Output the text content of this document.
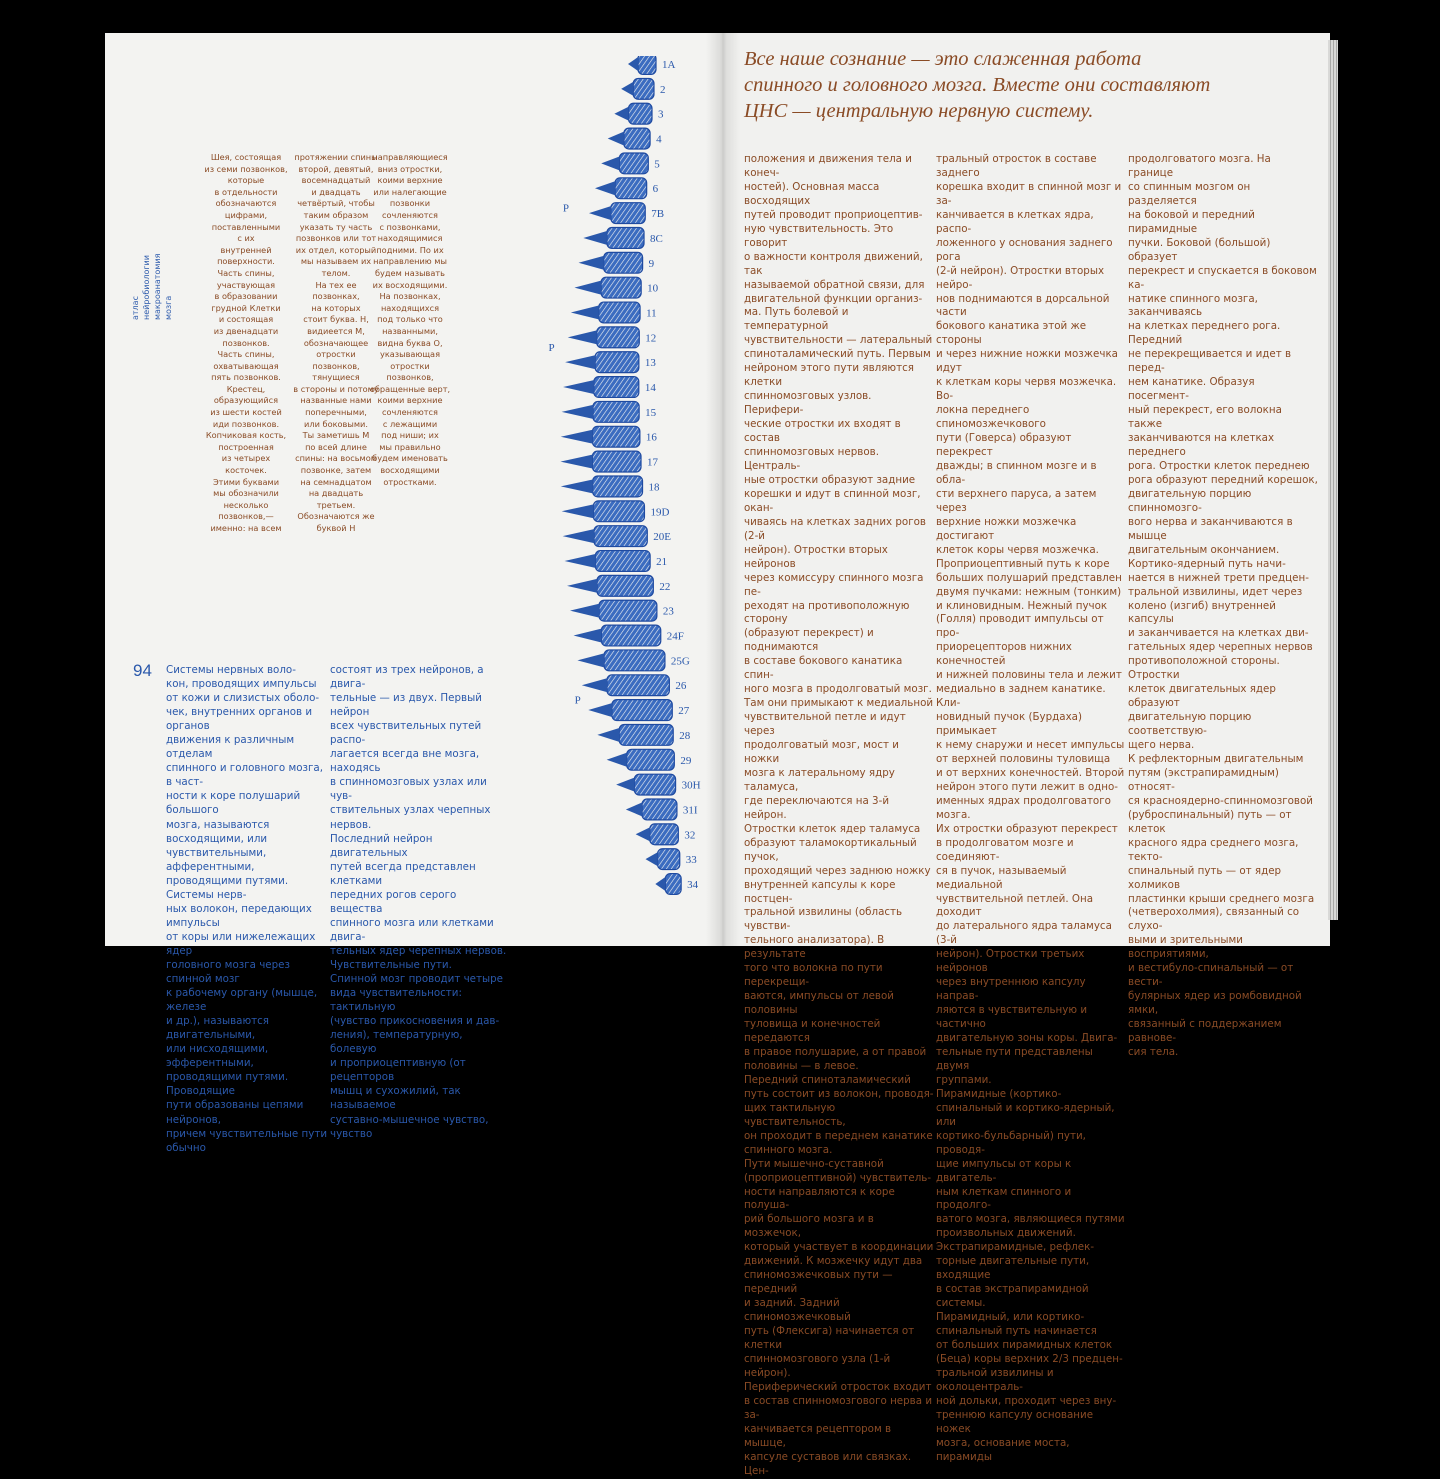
атлас нейробиологии
макроанатомия мозга
Шея, состоящая
из семи позвонков,
которые
в отдельности
обозначаются
цифрами,
поставленными
с их
внутренней
поверхности.
Часть спины,
участвующая
в образовании
грудной Клетки
и состоящая
из двенадцати
позвонков.
Часть спины,
охватывающая
пять позвонков.
Крестец,
образующийся
из шести костей
иди позвонков.
Копчиковая кость,
построенная
из четырех
косточек.
Этими буквами
мы обозначили
несколько
позвонков,—
именно: на всем
протяжении спины
второй, девятый,
восемнадцатый
и двадцать
четвёртый, чтобы
таким образом
указать ту часть
позвонков или тот
их отдел, который
мы называем их
телом.
На тех ее
позвонках,
на которых
стоит буква. Н,
видиеется М,
обозначающее
отростки
позвонков,
тянущиеся
в стороны и потому
названные нами
поперечными,
или боковыми.
Ты заметишь М
по всей длине
спины: на восьмом
позвонке, затем
на семнадцатом
на двадцать
третьем.
Обозначаются же
буквой Н
направляющиеся
вниз отростки,
коими верхние
или налегающие
позвонки
сочленяются
с позвонками,
находящимися
подними. По их
направлению мы
будем называть
их восходящими.
На позвонках,
находящихся
под только что
названными,
видна буква О,
указывающая
отростки
позвонков,
обращенные верт,
коими верхние
сочленяются
с лежащими
под ниши; их
мы правильно
будем именовать
восходящими
отростками.
94 Системы нервных воло-
кон, проводящих импульсы
от кожи и слизистых оболо-
чек, внутренних органов и органов
движения к различным отделам
спинного и головного мозга, в част-
ности к коре полушарий большого
мозга, называются восходящими, или
чувствительными, афферентными,
проводящими путями. Системы нерв-
ных волокон, передающих импульсы
от коры или нижележащих ядер
головного мозга через спинной мозг
к рабочему органу (мышце, железе
и др.), называются двигательными,
или нисходящими, эфферентными,
проводящими путями. Проводящие
пути образованы цепями нейронов,
причем чувствительные пути обычно
состоят из трех нейронов, а двига-
тельные — из двух. Первый нейрон
всех чувствительных путей распо-
лагается всегда вне мозга, находясь
в спинномозговых узлах или чув-
ствительных узлах черепных нервов.
Последний нейрон двигательных
путей всегда представлен клетками
передних рогов серого вещества
спинного мозга или клетками двига-
тельных ядер черепных нервов.
Чувствительные пути.
Спинной мозг проводит четыре
вида чувствительности: тактильную
(чувство прикосновения и дав-
ления), температурную, болевую
и проприоцептивную (от рецепторов
мышц и сухожилий, так называемое
суставно-мышечное чувство, чувство
1A
2
3
4
5
6
7B
8C
9
10
11
12
13
14
15
16
17
18
19D
20E
21
22
23
24F
25G
26
27
28
29
30H
31I
32
33
34
P
P
P
Все наше сознание — это слаженная работа
спинного и головного мозга. Вместе они составляют
ЦНС — центральную нервную систему.
положения и движения тела и конеч-
ностей). Основная масса восходящих
путей проводит проприоцептив-
ную чувствительность. Это говорит
о важности контроля движений, так
называемой обратной связи, для
двигательной функции организ-
ма. Путь болевой и температурной
чувствительности — латеральный
спиноталамический путь. Первым
нейроном этого пути являются клетки
спинномозговых узлов. Перифери-
ческие отростки их входят в состав
спинномозговых нервов. Централь-
ные отростки образуют задние
корешки и идут в спинной мозг, окан-
чиваясь на клетках задних рогов (2-й
нейрон). Отростки вторых нейронов
через комиссуру спинного мозга пе-
реходят на противоположную сторону
(образуют перекрест) и поднимаются
в составе бокового канатика спин-
ного мозга в продолговатый мозг.
Там они примыкают к медиальной
чувствительной петле и идут через
продолговатый мозг, мост и ножки
мозга к латеральному ядру таламуса,
где переключаются на 3-й нейрон.
Отростки клеток ядер таламуса
образуют таламокортикальный пучок,
проходящий через заднюю ножку
внутренней капсулы к коре постцен-
тральной извилины (область чувстви-
тельного анализатора). В результате
того что волокна по пути перекрещи-
ваются, импульсы от левой половины
туловища и конечностей передаются
в правое полушарие, а от правой
половины — в левое.
Передний спиноталамический
путь состоит из волокон, проводя-
щих тактильную чувствительность,
он проходит в переднем канатике
спинного мозга.
Пути мышечно-суставной
(проприоцептивной) чувствитель-
ности направляются к коре полуша-
рий большого мозга и в мозжечок,
который участвует в координации
движений. К мозжечку идут два
спиномозжечковых пути — передний
и задний. Задний спиномозжечковый
путь (Флексига) начинается от клетки
спинномозгового узла (1-й нейрон).
Периферический отросток входит
в состав спинномозгового нерва и за-
канчивается рецептором в мышце,
капсуле суставов или связках. Цен-
тральный отросток в составе заднего
корешка входит в спинной мозг и за-
канчивается в клетках ядра, распо-
ложенного у основания заднего рога
(2-й нейрон). Отростки вторых нейро-
нов поднимаются в дорсальной части
бокового канатика этой же стороны
и через нижние ножки мозжечка идут
к клеткам коры червя мозжечка. Во-
локна переднего спиномозжечкового
пути (Говерса) образуют перекрест
дважды; в спинном мозге и в обла-
сти верхнего паруса, а затем через
верхние ножки мозжечка достигают
клеток коры червя мозжечка.
Проприоцептивный путь к коре
больших полушарий представлен
двумя пучками: нежным (тонким)
и клиновидным. Нежный пучок
(Голля) проводит импульсы от про-
приорецепторов нижних конечностей
и нижней половины тела и лежит
медиально в заднем канатике. Кли-
новидный пучок (Бурдаха) примыкает
к нему снаружи и несет импульсы
от верхней половины туловища
и от верхних конечностей. Второй
нейрон этого пути лежит в одно-
именных ядрах продолговатого мозга.
Их отростки образуют перекрест
в продолговатом мозге и соединяют-
ся в пучок, называемый медиальной
чувствительной петлей. Она доходит
до латерального ядра таламуса (3-й
нейрон). Отростки третьих нейронов
через внутреннюю капсулу направ-
ляются в чувствительную и частично
двигательную зоны коры. Двига-
тельные пути представлены двумя
группами.
Пирамидные (кортико-
спинальный и кортико-ядерный, или
кортико-бульбарный) пути, проводя-
щие импульсы от коры к двигатель-
ным клеткам спинного и продолго-
ватого мозга, являющиеся путями
произвольных движений.
Экстрапирамидные, рефлек-
торные двигательные пути, входящие
в состав экстрапирамидной системы.
Пирамидный, или кортико-
спинальный путь начинается
от больших пирамидных клеток
(Беца) коры верхних 2/3 предцен-
тральной извилины и околоцентраль-
ной дольки, проходит через вну-
треннюю капсулу основание ножек
мозга, основание моста, пирамиды
продолговатого мозга. На границе
со спинным мозгом он разделяется
на боковой и передний пирамидные
пучки. Боковой (большой) образует
перекрест и спускается в боковом ка-
натике спинного мозга, заканчиваясь
на клетках переднего рога. Передний
не перекрещивается и идет в перед-
нем канатике. Образуя посегмент-
ный перекрест, его волокна также
заканчиваются на клетках переднего
рога. Отростки клеток переднею
рога образуют передний корешок,
двигательную порцию спинномозго-
вого нерва и заканчиваются в мышце
двигательным окончанием.
Кортико-ядерный путь начи-
нается в нижней трети предцен-
тральной извилины, идет через
колено (изгиб) внутренней капсулы
и заканчивается на клетках дви-
гательных ядер черепных нервов
противоположной стороны. Отростки
клеток двигательных ядер образуют
двигательную порцию соответствую-
щего нерва.
К рефлекторным двигательным
путям (экстрапирамидным) относят-
ся красноядерно-спинномозговой
(руброспинальный) путь — от клеток
красного ядра среднего мозга, текто-
спинальный путь — от ядер холмиков
пластинки крыши среднего мозга
(четверохолмия), связанный со слухо-
выми и зрительными восприятиями,
и вестибуло-спинальный — от вести-
булярных ядер из ромбовидной ямки,
связанный с поддержанием равнове-
сия тела.
